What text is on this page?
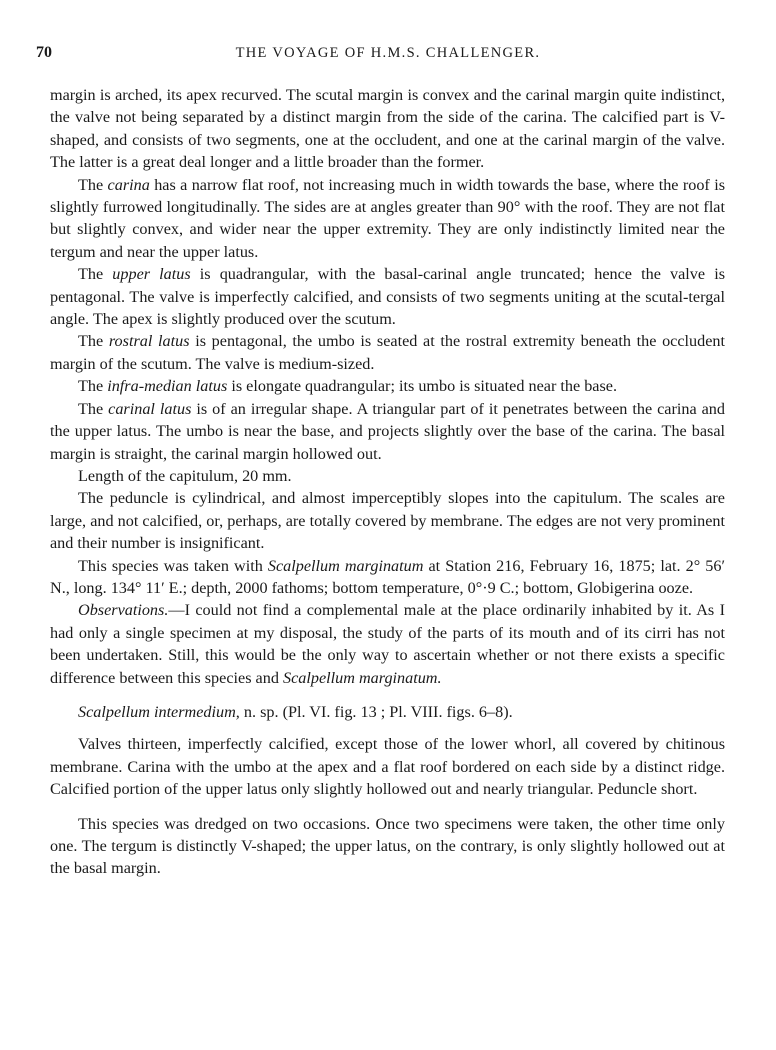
70	THE VOYAGE OF H.M.S. CHALLENGER.

margin is arched, its apex recurved. The scutal margin is convex and the carinal margin quite indistinct, the valve not being separated by a distinct margin from the side of the carina. The calcified part is V-shaped, and consists of two segments, one at the occludent, and one at the carinal margin of the valve. The latter is a great deal longer and a little broader than the former.

The carina has a narrow flat roof, not increasing much in width towards the base, where the roof is slightly furrowed longitudinally. The sides are at angles greater than 90° with the roof. They are not flat but slightly convex, and wider near the upper extremity. They are only indistinctly limited near the tergum and near the upper latus.

The upper latus is quadrangular, with the basal-carinal angle truncated; hence the valve is pentagonal. The valve is imperfectly calcified, and consists of two segments uniting at the scutal-tergal angle. The apex is slightly produced over the scutum.

The rostral latus is pentagonal, the umbo is seated at the rostral extremity beneath the occludent margin of the scutum. The valve is medium-sized.

The infra-median latus is elongate quadrangular; its umbo is situated near the base.

The carinal latus is of an irregular shape. A triangular part of it penetrates between the carina and the upper latus. The umbo is near the base, and projects slightly over the base of the carina. The basal margin is straight, the carinal margin hollowed out.

Length of the capitulum, 20 mm.

The peduncle is cylindrical, and almost imperceptibly slopes into the capitulum. The scales are large, and not calcified, or, perhaps, are totally covered by membrane. The edges are not very prominent and their number is insignificant.

This species was taken with Scalpellum marginatum at Station 216, February 16, 1875; lat. 2° 56′ N., long. 134° 11′ E.; depth, 2000 fathoms; bottom temperature, 0°·9 C.; bottom, Globigerina ooze.

Observations.—I could not find a complemental male at the place ordinarily inhabited by it. As I had only a single specimen at my disposal, the study of the parts of its mouth and of its cirri has not been undertaken. Still, this would be the only way to ascertain whether or not there exists a specific difference between this species and Scalpellum marginatum.

Scalpellum intermedium, n. sp. (Pl. VI. fig. 13 ; Pl. VIII. figs. 6–8).

Valves thirteen, imperfectly calcified, except those of the lower whorl, all covered by chitinous membrane. Carina with the umbo at the apex and a flat roof bordered on each side by a distinct ridge. Calcified portion of the upper latus only slightly hollowed out and nearly triangular. Peduncle short.

This species was dredged on two occasions. Once two specimens were taken, the other time only one. The tergum is distinctly V-shaped; the upper latus, on the contrary, is only slightly hollowed out at the basal margin.
